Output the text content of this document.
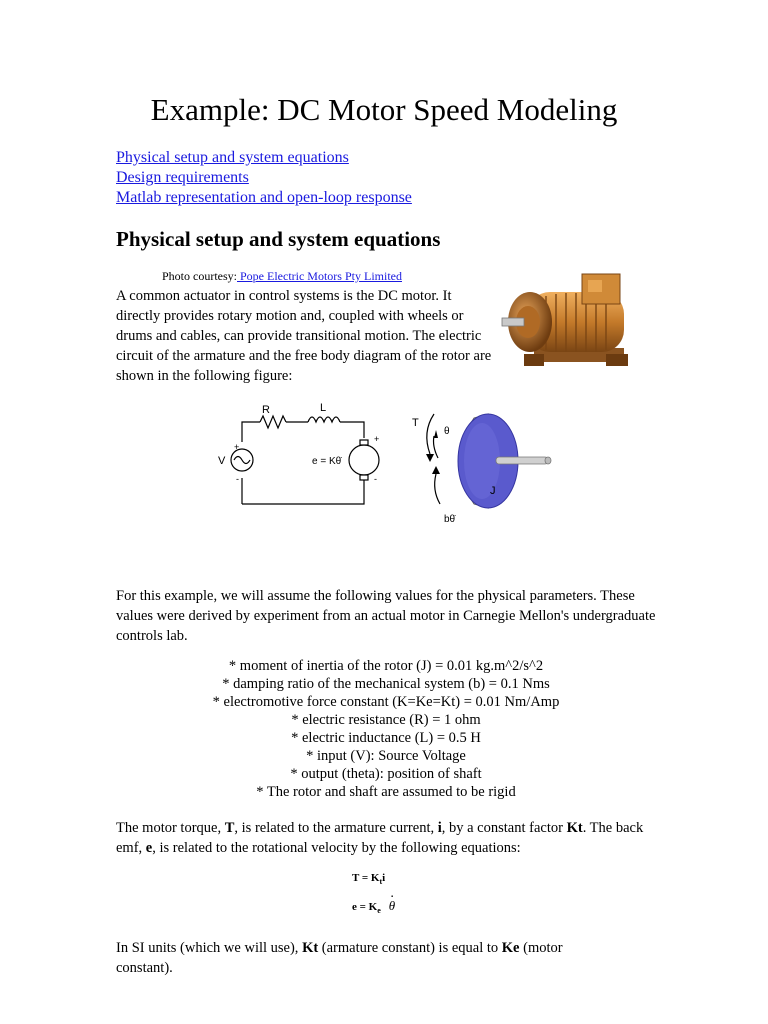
Example: DC Motor Speed Modeling
Physical setup and system equations
Design requirements
Matlab representation and open-loop response
Physical setup and system equations
Photo courtesy: Pope Electric Motors Pty Limited
A common actuator in control systems is the DC motor. It directly provides rotary motion and, coupled with wheels or drums and cables, can provide transitional motion. The electric circuit of the armature and the free body diagram of the rotor are shown in the following figure:
R	L
V
+
-
+
-
e = Kθ̇
T
θ
J
bθ̇
For this example, we will assume the following values for the physical parameters. These values were derived by experiment from an actual motor in Carnegie Mellon's undergraduate controls lab.
* moment of inertia of the rotor (J) = 0.01 kg.m^2/s^2
* damping ratio of the mechanical system (b) = 0.1 Nms
* electromotive force constant (K=Ke=Kt) = 0.01 Nm/Amp
* electric resistance (R) = 1 ohm
* electric inductance (L) = 0.5 H
* input (V): Source Voltage
* output (theta): position of shaft
* The rotor and shaft are assumed to be rigid
The motor torque, T, is related to the armature current, i, by a constant factor Kt. The back emf, e, is related to the rotational velocity by the following equations:
$T = K_ti$
$e = K_e$. θ
In SI units (which we will use), Kt (armature constant) is equal to Ke (motor constant).
